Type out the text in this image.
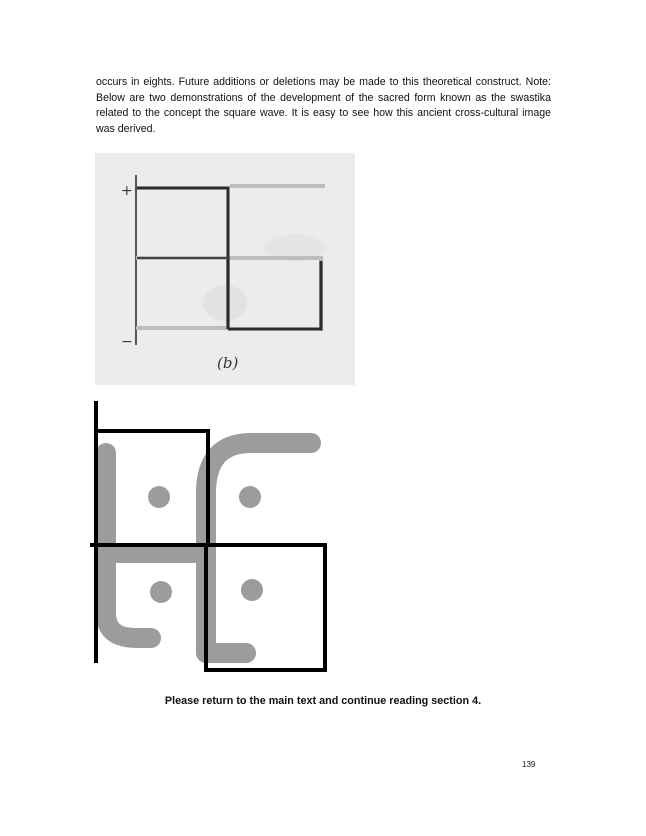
occurs in eights. Future additions or deletions may be made to this theoretical construct. Note: Below are two demonstrations of the development of the sacred form known as the swastika related to the concept the square wave. It is easy to see how this ancient cross-cultural image was derived.

+
−
(b)

Please return to the main text and continue reading section 4.

139
